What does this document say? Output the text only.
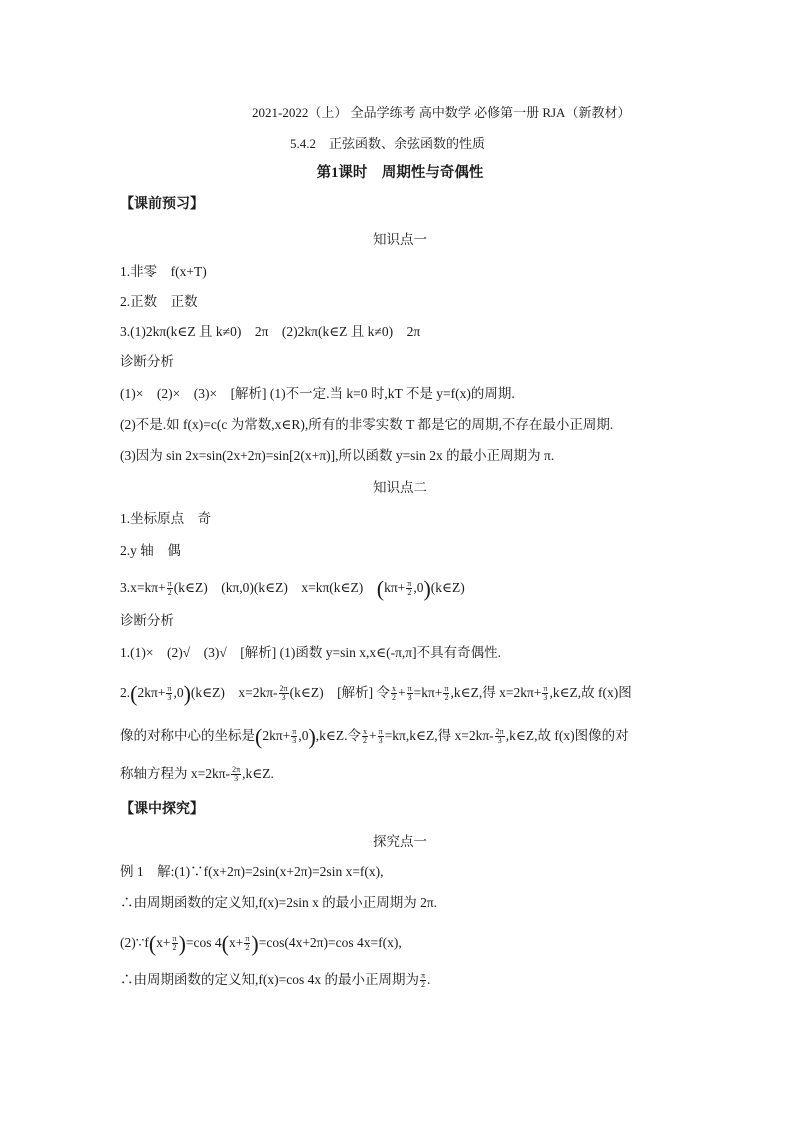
2021-2022（上） 全品学练考 高中数学 必修第一册 RJA（新教材）
5.4.2　正弦函数、余弦函数的性质
第1课时　周期性与奇偶性
【课前预习】
知识点一
1.非零　f(x+T)
2.正数　正数
3.(1)2kπ(k∈Z 且 k≠0)　2π　(2)2kπ(k∈Z 且 k≠0)　2π
诊断分析
(1)×　(2)×　(3)×　[解析] (1)不一定.当 k=0 时,kT 不是 y=f(x)的周期.
(2)不是.如 f(x)=c(c 为常数,x∈R),所有的非零实数 T 都是它的周期,不存在最小正周期.
(3)因为 sin 2x=sin(2x+2π)=sin[2(x+π)],所以函数 y=sin 2x 的最小正周期为 π.
知识点二
1.坐标原点　奇
2.y 轴　偶
$3.x=k\pi+ \frac{\pi}{2}$ (k∈Z)　(kπ,0)(k∈Z)　x=kπ(k∈Z)　($k\pi+ \frac{\pi}{2}$ ,0)(k∈Z)
诊断分析
1.(1)×　(2)√　(3)√　[解析] (1)函数 y=sin x,x∈(-π,π]不具有奇偶性.
$2.(2k\pi+ \frac{\pi}{3}$ ,0)(k∈Z)　$x=2k\pi- \frac{2\pi}{3}$ (k∈Z)　[解析] 令 $\frac{x}{2} + \frac{\pi}{3} =k\pi+ \frac{\pi}{2}$ ,k∈Z,得 $x=2k\pi+ \frac{\pi}{3}$ ,k∈Z,故 f(x)图
像的对称中心的坐标是($2k\pi+ \frac{\pi}{3}$ ,0),k∈Z.令 $\frac{x}{2} + \frac{\pi}{3}$ =kπ,k∈Z,得 $x=2k\pi- \frac{2\pi}{3}$ ,k∈Z,故 f(x)图像的对
称轴方程为 $x=2k\pi- \frac{2\pi}{3}$ ,k∈Z.
【课中探究】
探究点一
例 1　解:(1)∵f(x+2π)=2sin(x+2π)=2sin x=f(x),
∴由周期函数的定义知,f(x)=2sin x 的最小正周期为 2π.
(2)∵f(x+ $\frac{\pi}{2} )=\cos$ $4(x+ \frac{\pi}{2} )=\cos(4x+2\pi)=\cos$ 4x=f(x),
∴由周期函数的定义知,f(x)=cos 4x 的最小正周期为 $\frac{\pi}{2}$ .
